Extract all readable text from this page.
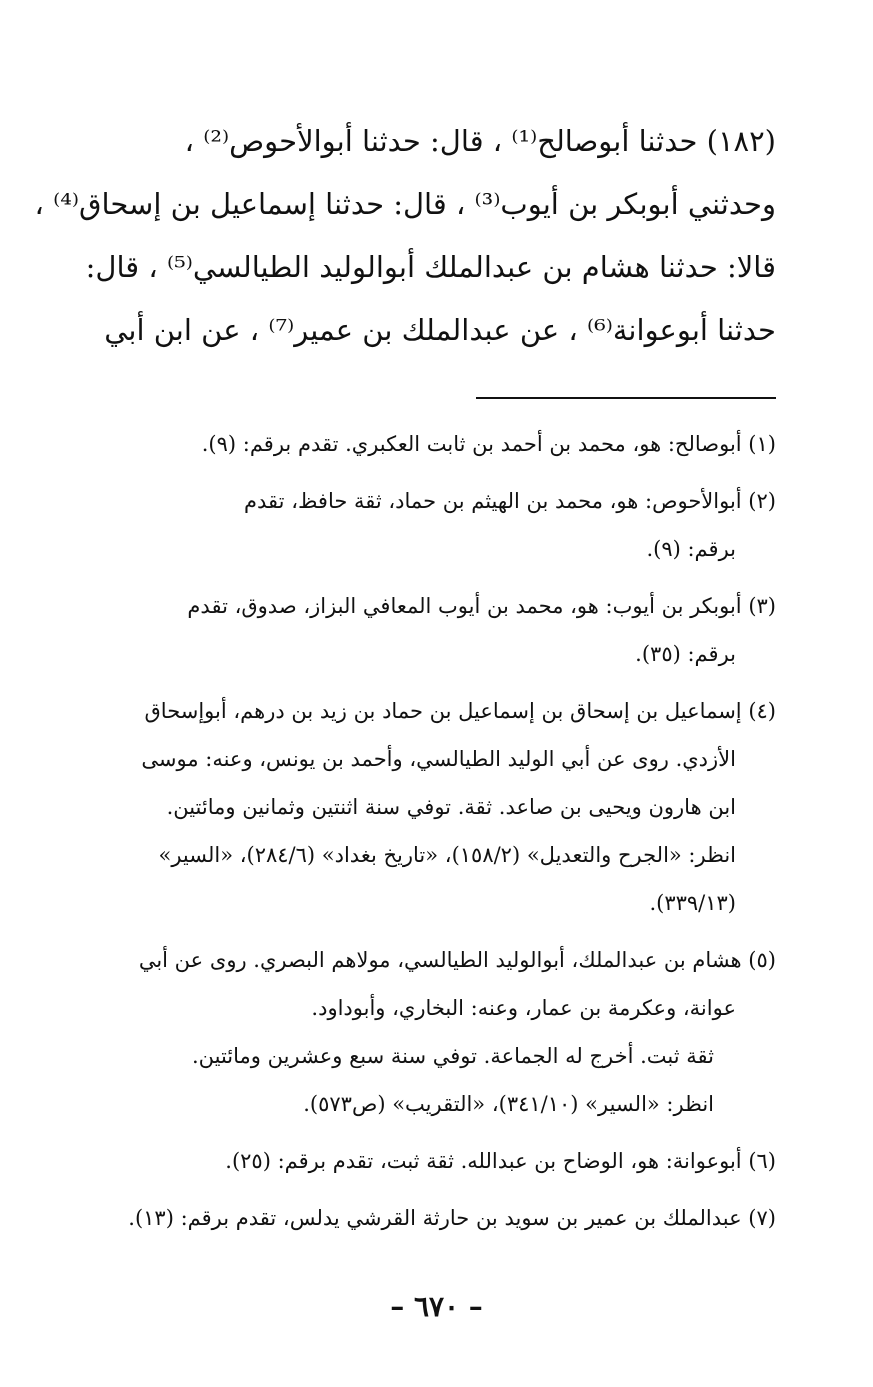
(١٨٢) حدثنا أبوصالح⁽¹⁾ ، قال: حدثنا أبوالأحوص⁽²⁾ ،
وحدثني أبوبكر بن أيوب⁽³⁾ ، قال: حدثنا إسماعيل بن إسحاق⁽⁴⁾ ،
قالا: حدثنا هشام بن عبدالملك أبوالوليد الطيالسي⁽⁵⁾ ، قال:
حدثنا أبوعوانة⁽⁶⁾ ، عن عبدالملك بن عمير⁽⁷⁾ ، عن ابن أبي
(١) أبوصالح: هو، محمد بن أحمد بن ثابت العكبري. تقدم برقم: (٩).
(٢) أبوالأحوص: هو، محمد بن الهيثم بن حماد، ثقة حافظ، تقدم
برقم: (٩).
(٣) أبوبكر بن أيوب: هو، محمد بن أيوب المعافي البزاز، صدوق، تقدم
برقم: (٣٥).
(٤) إسماعيل بن إسحاق بن إسماعيل بن حماد بن زيد بن درهم، أبوإسحاق
الأزدي. روى عن أبي الوليد الطيالسي، وأحمد بن يونس، وعنه: موسى
ابن هارون ويحيى بن صاعد. ثقة. توفي سنة اثنتين وثمانين ومائتين.
انظر: «الجرح والتعديل» (١٥٨/٢)، «تاريخ بغداد» (٢٨٤/٦)، «السير»
(٣٣٩/١٣).
(٥) هشام بن عبدالملك، أبوالوليد الطيالسي، مولاهم البصري. روى عن أبي
عوانة، وعكرمة بن عمار، وعنه: البخاري، وأبوداود.
ثقة ثبت. أخرج له الجماعة. توفي سنة سبع وعشرين ومائتين.
انظر: «السير» (٣٤١/١٠)، «التقريب» (ص٥٧٣).
(٦) أبوعوانة: هو، الوضاح بن عبدالله. ثقة ثبت، تقدم برقم: (٢٥).
(٧) عبدالملك بن عمير بن سويد بن حارثة القرشي يدلس، تقدم برقم: (١٣).
– ٦٧٠ –
